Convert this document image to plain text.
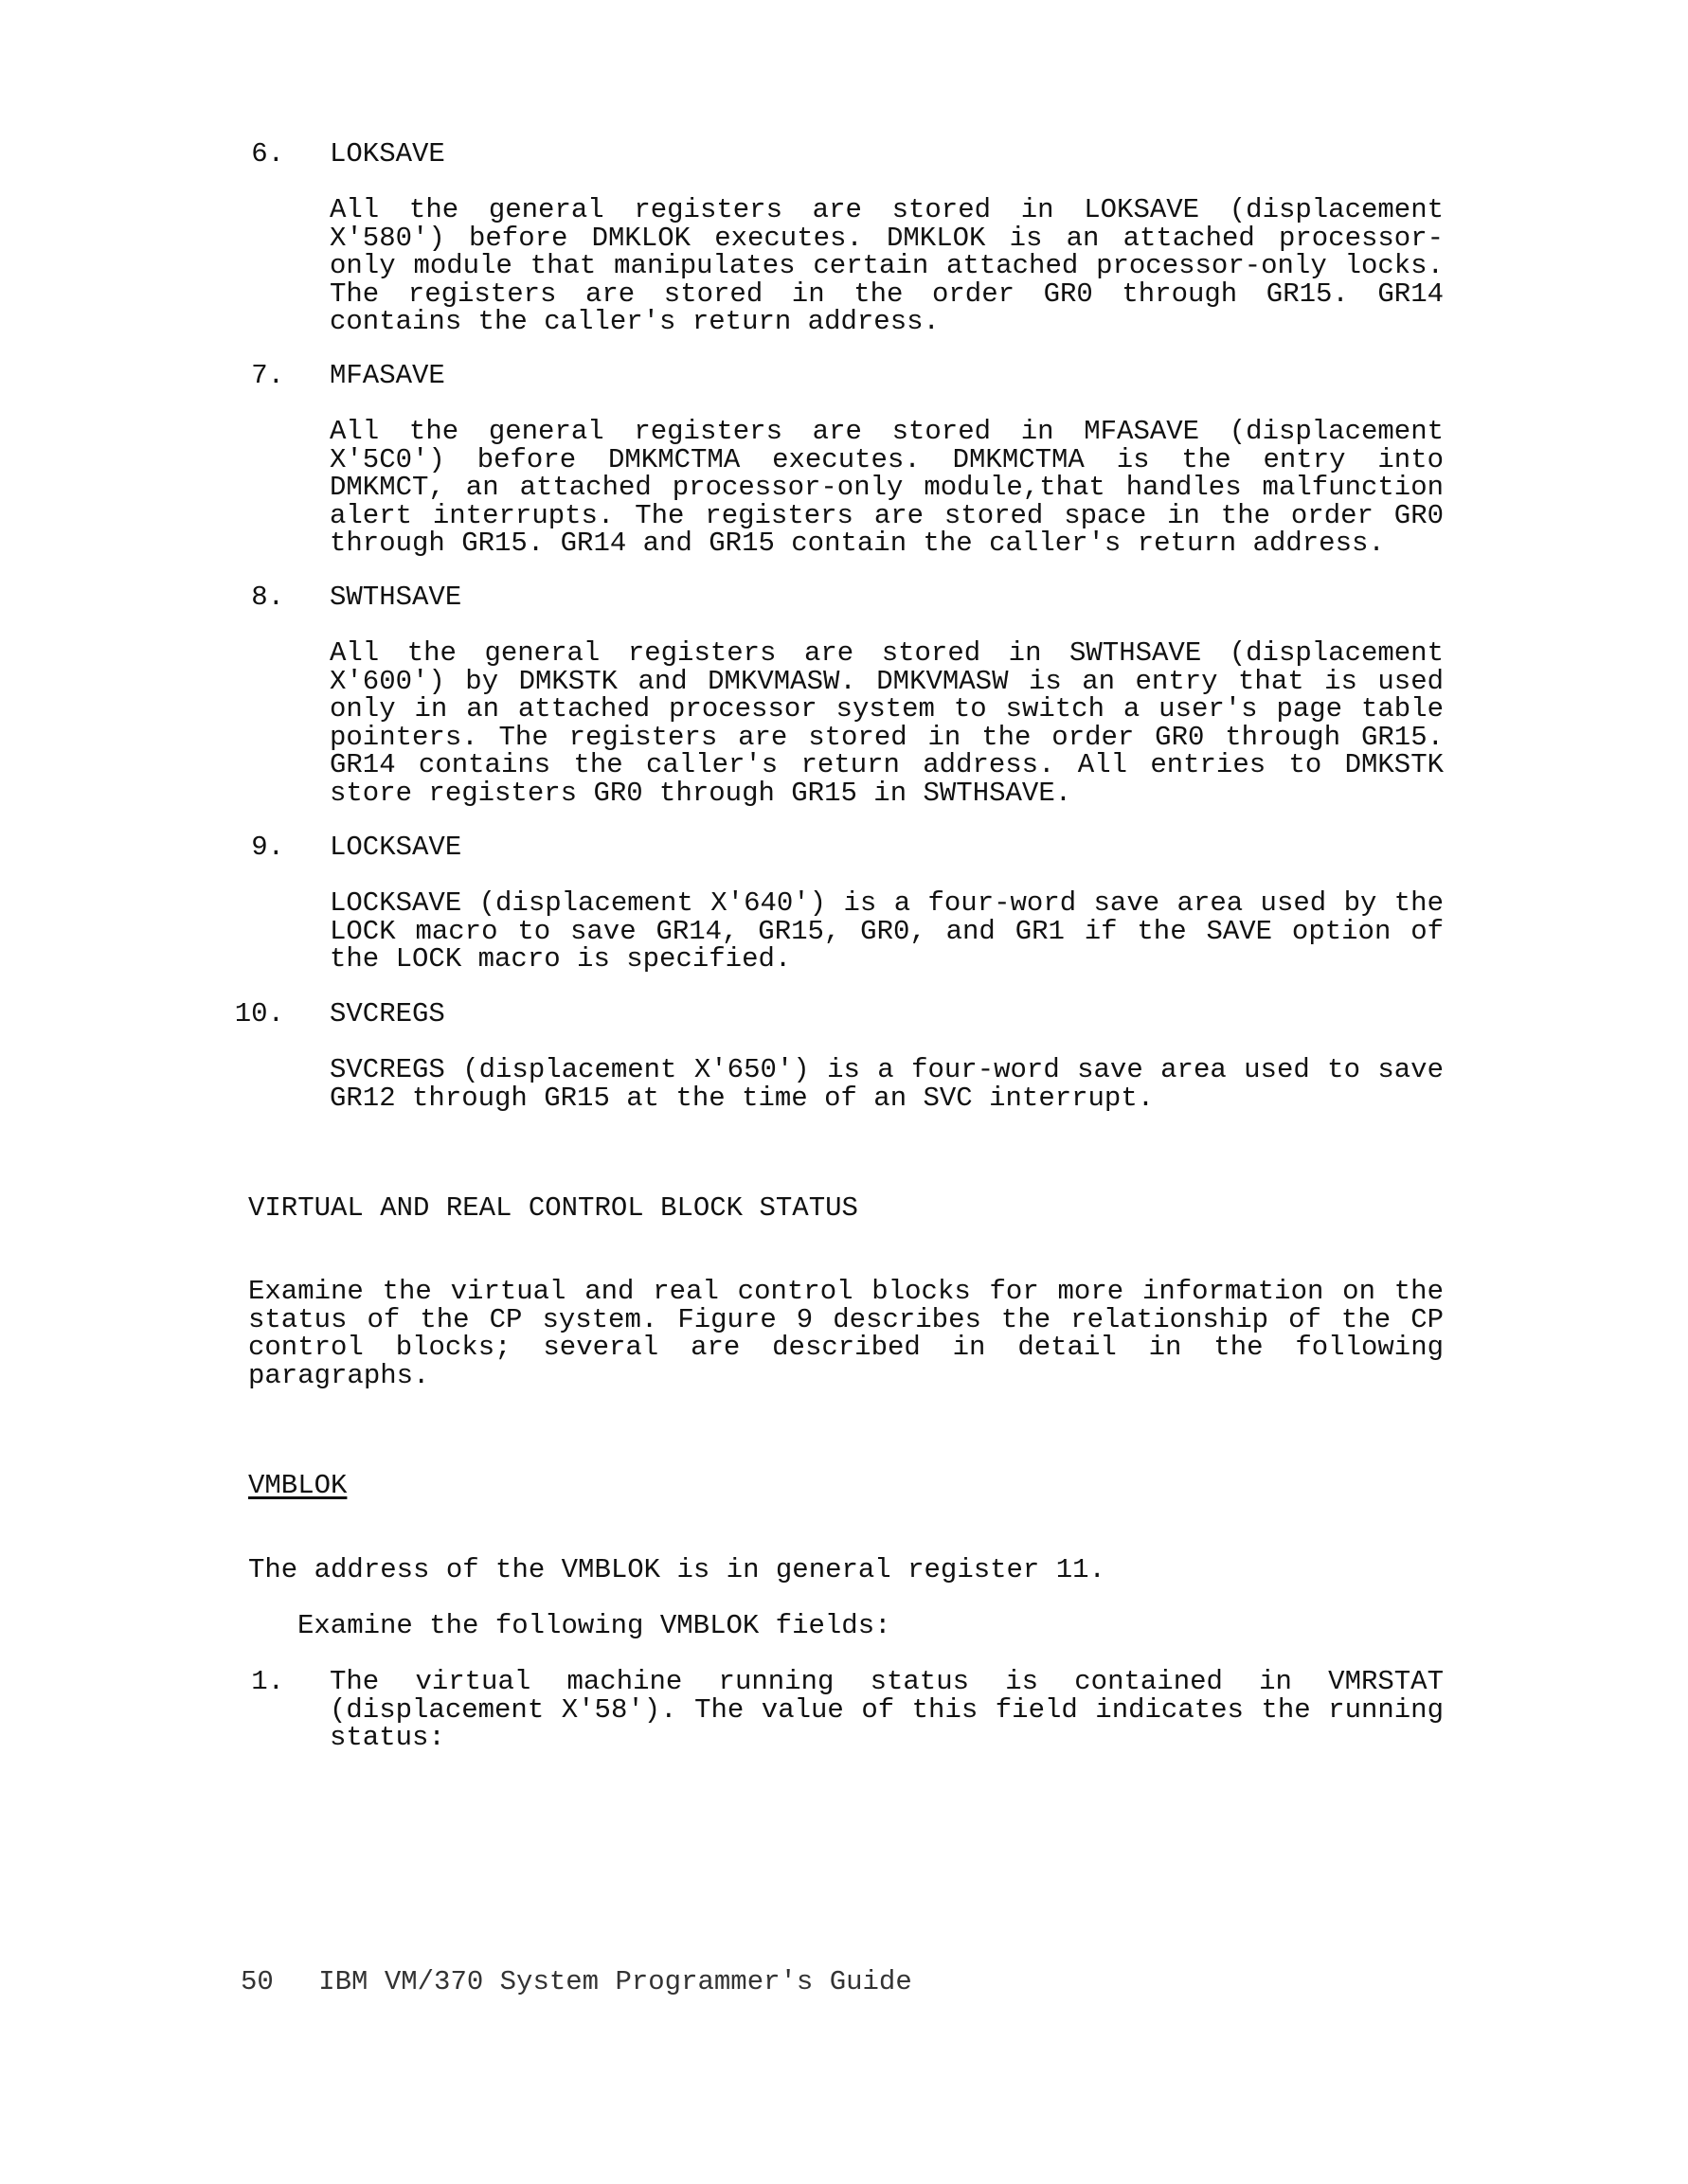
6. LOKSAVE
All the general registers are stored in LOKSAVE (displacement X'580') before DMKLOK executes. DMKLOK is an attached processor-only module that manipulates certain attached processor-only locks. The registers are stored in the order GR0 through GR15. GR14 contains the caller's return address.
7. MFASAVE
All the general registers are stored in MFASAVE (displacement X'5C0') before DMKMCTMA executes. DMKMCTMA is the entry into DMKMCT, an attached processor-only module,that handles malfunction alert interrupts. The registers are stored space in the order GR0 through GR15. GR14 and GR15 contain the caller's return address.
8. SWTHSAVE
All the general registers are stored in SWTHSAVE (displacement X'600') by DMKSTK and DMKVMASW. DMKVMASW is an entry that is used only in an attached processor system to switch a user's page table pointers. The registers are stored in the order GR0 through GR15. GR14 contains the caller's return address. All entries to DMKSTK store registers GR0 through GR15 in SWTHSAVE.
9. LOCKSAVE
LOCKSAVE (displacement X'640') is a four-word save area used by the LOCK macro to save GR14, GR15, GR0, and GR1 if the SAVE option of the LOCK macro is specified.
10. SVCREGS
SVCREGS (displacement X'650') is a four-word save area used to save GR12 through GR15 at the time of an SVC interrupt.
VIRTUAL AND REAL CONTROL BLOCK STATUS
Examine the virtual and real control blocks for more information on the status of the CP system. Figure 9 describes the relationship of the CP control blocks; several are described in detail in the following paragraphs.
VMBLOK
The address of the VMBLOK is in general register 11.
Examine the following VMBLOK fields:
1. The virtual machine running status is contained in VMRSTAT (displacement X'58'). The value of this field indicates the running status:
50 IBM VM/370 System Programmer's Guide
